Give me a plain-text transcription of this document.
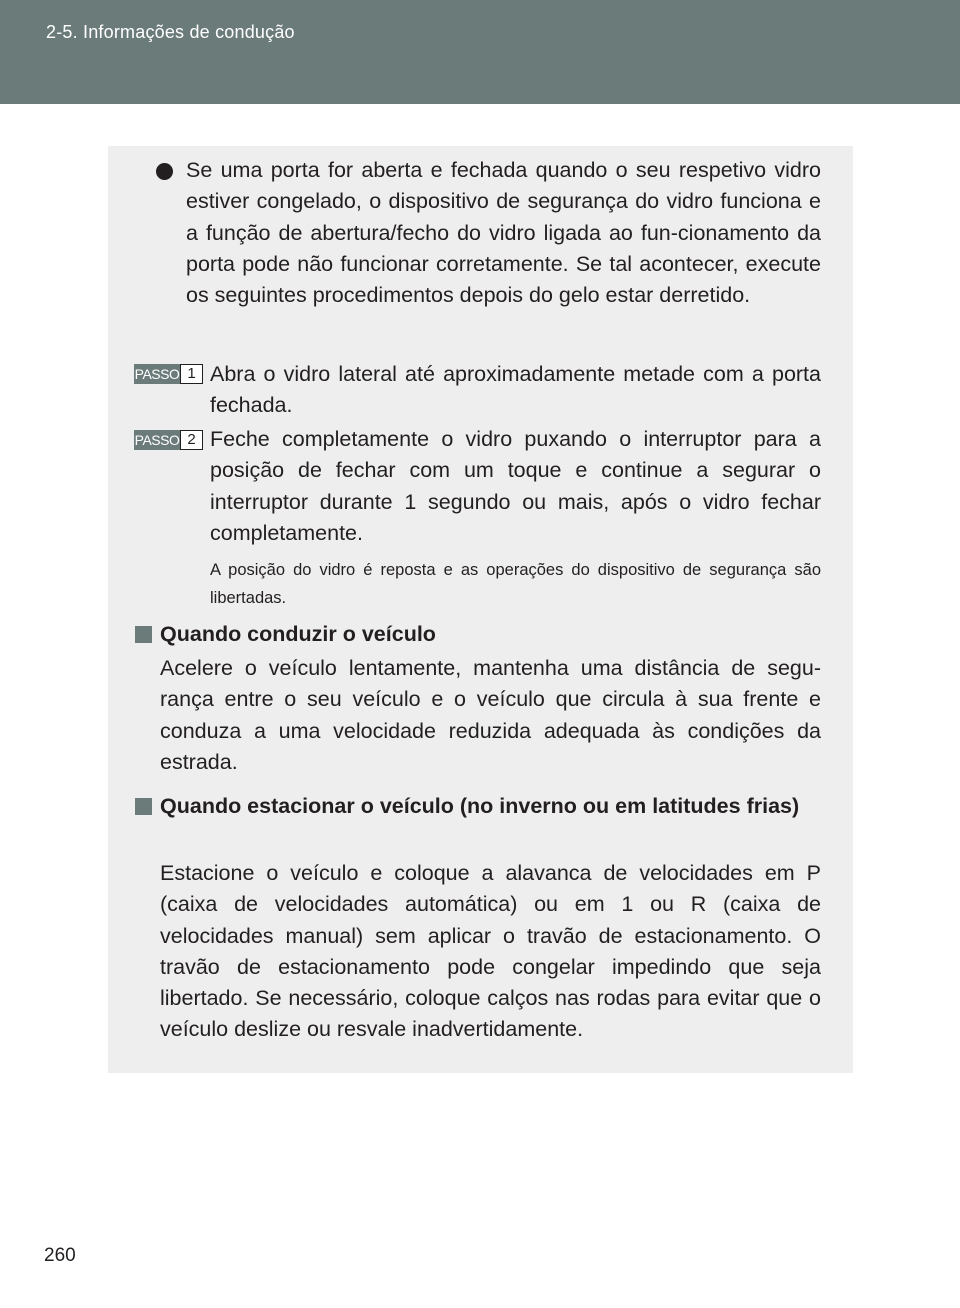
2-5. Informações de condução

Se uma porta for aberta e fechada quando o seu respetivo vidro estiver congelado, o dispositivo de segurança do vidro funciona e a função de abertura/fecho do vidro ligada ao fun-cionamento da porta pode não funcionar corretamente. Se tal acontecer, execute os seguintes procedimentos depois do gelo estar derretido.

PASSO 1 Abra o vidro lateral até aproximadamente metade com a porta fechada.

PASSO 2 Feche completamente o vidro puxando o interruptor para a posição de fechar com um toque e continue a segurar o interruptor durante 1 segundo ou mais, após o vidro fechar completamente.

A posição do vidro é reposta e as operações do dispositivo de segurança são libertadas.

Quando conduzir o veículo

Acelere o veículo lentamente, mantenha uma distância de segu-rança entre o seu veículo e o veículo que circula à sua frente e conduza a uma velocidade reduzida adequada às condições da estrada.

Quando estacionar o veículo (no inverno ou em latitudes frias)

Estacione o veículo e coloque a alavanca de velocidades em P (caixa de velocidades automática) ou em 1 ou R (caixa de velocidades manual) sem aplicar o travão de estacionamento. O travão de estacionamento pode congelar impedindo que seja libertado. Se necessário, coloque calços nas rodas para evitar que o veículo deslize ou resvale inadvertidamente.

260
